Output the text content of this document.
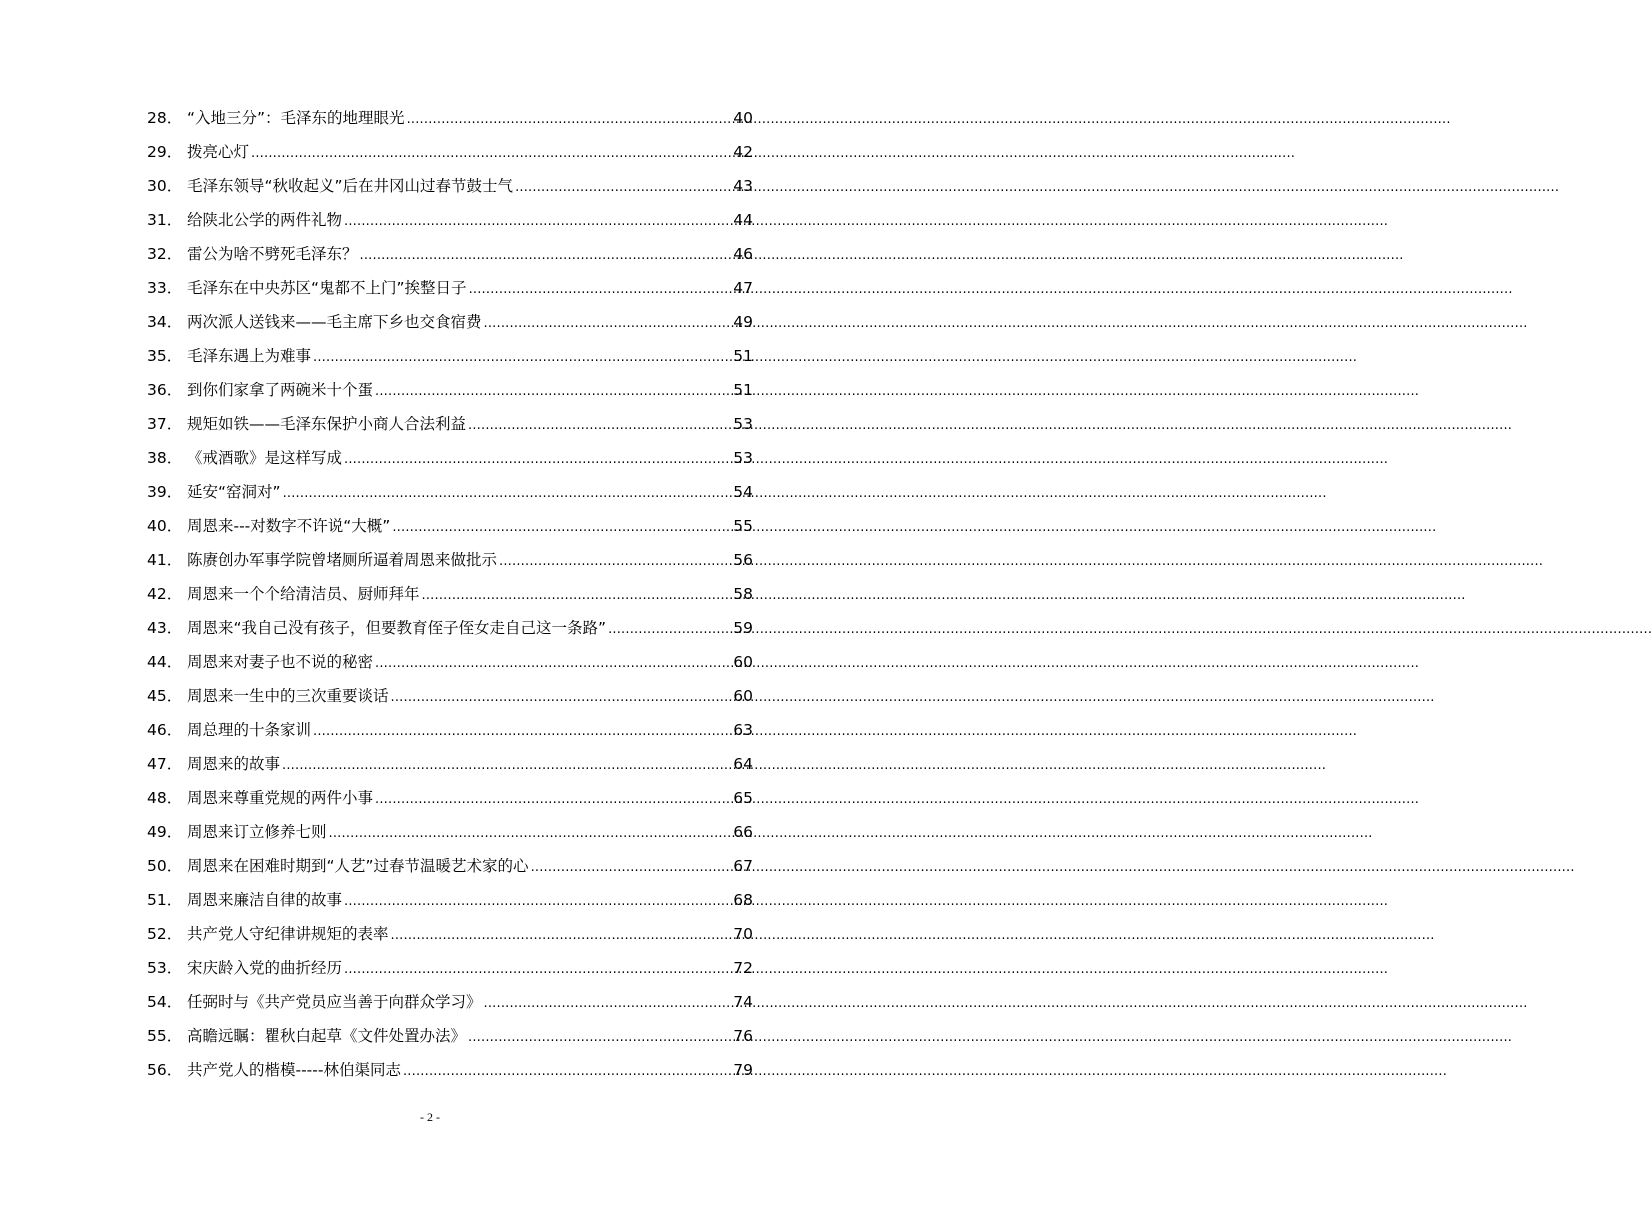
28． “入地三分”：毛泽东的地理眼光 .....	40
29． 拨亮心灯 .....	42
30． 毛泽东领导“秋收起义”后在井冈山过春节鼓士气 .....	43
31． 给陕北公学的两件礼物 .....	44
32． 雷公为啥不劈死毛泽东？ .....	46
33． 毛泽东在中央苏区“鬼都不上门”挨整日子 .....	47
34． 两次派人送钱来——毛主席下乡也交食宿费 .....	49
35． 毛泽东遇上为难事 .....	51
36． 到你们家拿了两碗米十个蛋 .....	51
37． 规矩如铁——毛泽东保护小商人合法利益 .....	53
38． 《戒酒歌》是这样写成 .....	53
39． 延安“窑洞对” .....	54
40． 周恩来---对数字不许说“大概” .....	55
41． 陈赓创办军事学院曾堵厕所逼着周恩来做批示 .....	56
42． 周恩来一个个给清洁员、厨师拜年 .....	58
43． 周恩来“我自己没有孩子，但要教育侄子侄女走自己这一条路” .....	59
44． 周恩来对妻子也不说的秘密 .....	60
45． 周恩来一生中的三次重要谈话 .....	60
46． 周总理的十条家训 .....	63
47． 周恩来的故事 .....	64
48． 周恩来尊重党规的两件小事 .....	65
49． 周恩来订立修养七则 .....	66
50． 周恩来在困难时期到“人艺”过春节温暖艺术家的心 .....	67
51． 周恩来廉洁自律的故事 .....	68
52． 共产党人守纪律讲规矩的表率 .....	70
53． 宋庆龄入党的曲折经历 .....	72
54． 任弼时与《共产党员应当善于向群众学习》 .....	74
55． 高瞻远瞩：瞿秋白起草《文件处置办法》 .....	76
56． 共产党人的楷模-----林伯渠同志 .....	79
- 2 -
